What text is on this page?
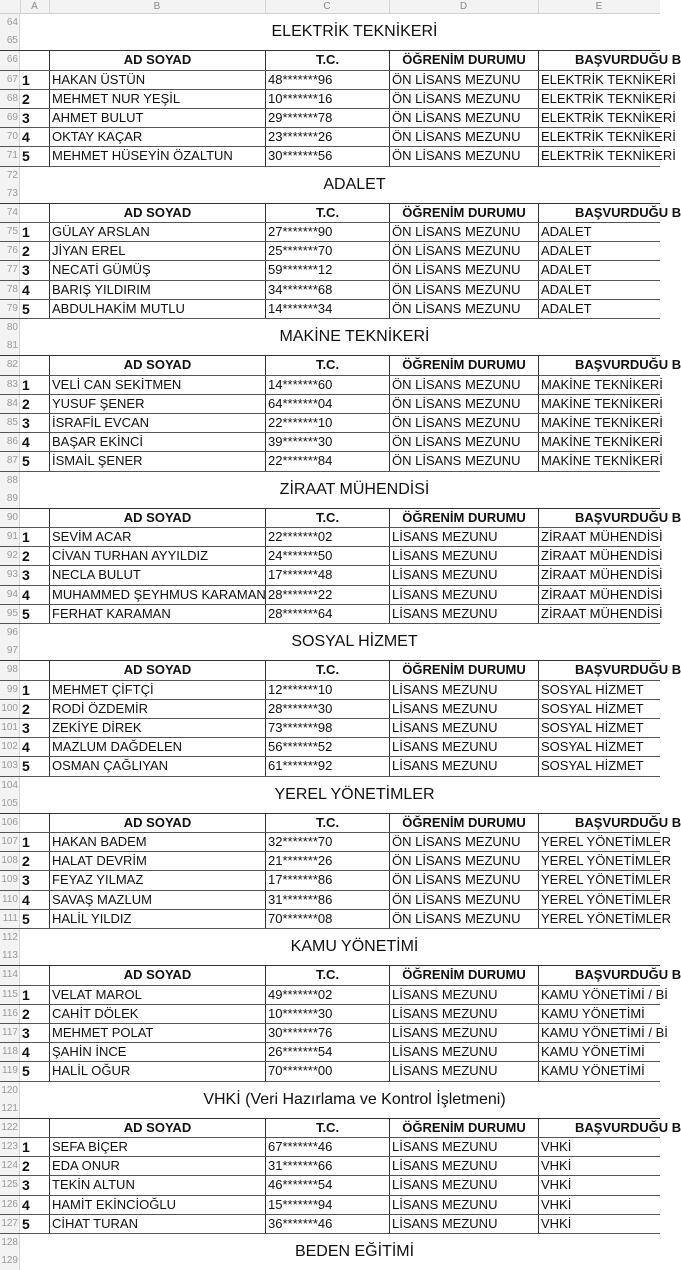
A	B	C	D	E
64
65
ELEKTRİK TEKNİKERİ
66	AD SOYAD	T.C.	ÖĞRENİM DURUMU	BAŞVURDUĞU B
67 1	HAKAN ÜSTÜN	48*******96	ÖN LİSANS MEZUNU	ELEKTRİK TEKNİKERİ
68 2	MEHMET NUR YEŞİL	10*******16	ÖN LİSANS MEZUNU	ELEKTRİK TEKNİKERİ
69 3	AHMET BULUT	29*******78	ÖN LİSANS MEZUNU	ELEKTRİK TEKNİKERİ
70 4	OKTAY KAÇAR	23*******26	ÖN LİSANS MEZUNU	ELEKTRİK TEKNİKERİ
71 5	MEHMET HÜSEYİN ÖZALTUN	30*******56	ÖN LİSANS MEZUNU	ELEKTRİK TEKNİKERİ
72
73
ADALET
74	AD SOYAD	T.C.	ÖĞRENİM DURUMU	BAŞVURDUĞU B
75 1	GÜLAY ARSLAN	27*******90	ÖN LİSANS MEZUNU	ADALET
76 2	JİYAN EREL	25*******70	ÖN LİSANS MEZUNU	ADALET
77 3	NECATİ GÜMÜŞ	59*******12	ÖN LİSANS MEZUNU	ADALET
78 4	BARIŞ YILDIRIM	34*******68	ÖN LİSANS MEZUNU	ADALET
79 5	ABDULHAKİM MUTLU	14*******34	ÖN LİSANS MEZUNU	ADALET
80
81
MAKİNE TEKNİKERİ
82	AD SOYAD	T.C.	ÖĞRENİM DURUMU	BAŞVURDUĞU B
83 1	VELİ CAN SEKİTMEN	14*******60	ÖN LİSANS MEZUNU	MAKİNE TEKNİKERİ
84 2	YUSUF ŞENER	64*******04	ÖN LİSANS MEZUNU	MAKİNE TEKNİKERİ
85 3	İSRAFİL EVCAN	22*******10	ÖN LİSANS MEZUNU	MAKİNE TEKNİKERİ
86 4	BAŞAR EKİNCİ	39*******30	ÖN LİSANS MEZUNU	MAKİNE TEKNİKERİ
87 5	İSMAİL ŞENER	22*******84	ÖN LİSANS MEZUNU	MAKİNE TEKNİKERİ
88
89
ZİRAAT MÜHENDİSİ
90	AD SOYAD	T.C.	ÖĞRENİM DURUMU	BAŞVURDUĞU B
91 1	SEVİM ACAR	22*******02	LİSANS MEZUNU	ZİRAAT MÜHENDİSİ
92 2	CİVAN TURHAN AYYILDIZ	24*******50	LİSANS MEZUNU	ZİRAAT MÜHENDİSİ
93 3	NECLA BULUT	17*******48	LİSANS MEZUNU	ZİRAAT MÜHENDİSİ
94 4	MUHAMMED ŞEYHMUS KARAMAN 28*******22	LİSANS MEZUNU	ZİRAAT MÜHENDİSİ
95 5	FERHAT KARAMAN	28*******64	LİSANS MEZUNU	ZİRAAT MÜHENDİSİ
96
97
SOSYAL HİZMET
98	AD SOYAD	T.C.	ÖĞRENİM DURUMU	BAŞVURDUĞU B
99 1	MEHMET ÇİFTÇİ	12*******10	LİSANS MEZUNU	SOSYAL HİZMET
100 2	RODİ ÖZDEMİR	28*******30	LİSANS MEZUNU	SOSYAL HİZMET
101 3	ZEKİYE DİREK	73*******98	LİSANS MEZUNU	SOSYAL HİZMET
102 4	MAZLUM DAĞDELEN	56*******52	LİSANS MEZUNU	SOSYAL HİZMET
103 5	OSMAN ÇAĞLIYAN	61*******92	LİSANS MEZUNU	SOSYAL HİZMET
104
105
YEREL YÖNETİMLER
106	AD SOYAD	T.C.	ÖĞRENİM DURUMU	BAŞVURDUĞU B
107 1	HAKAN BADEM	32*******70	ÖN LİSANS MEZUNU	YEREL YÖNETİMLER
108 2	HALAT DEVRİM	21*******26	ÖN LİSANS MEZUNU	YEREL YÖNETİMLER
109 3	FEYAZ YILMAZ	17*******86	ÖN LİSANS MEZUNU	YEREL YÖNETİMLER
110 4	SAVAŞ MAZLUM	31*******86	ÖN LİSANS MEZUNU	YEREL YÖNETİMLER
111 5	HALİL YILDIZ	70*******08	ÖN LİSANS MEZUNU	YEREL YÖNETİMLER
112
113
KAMU YÖNETİMİ
114	AD SOYAD	T.C.	ÖĞRENİM DURUMU	BAŞVURDUĞU B
115 1	VELAT MAROL	49*******02	LİSANS MEZUNU	KAMU YÖNETİMİ / Bİ
116 2	CAHİT DÖLEK	10*******30	LİSANS MEZUNU	KAMU YÖNETİMİ
117 3	MEHMET POLAT	30*******76	LİSANS MEZUNU	KAMU YÖNETİMİ / Bİ
118 4	ŞAHİN İNCE	26*******54	LİSANS MEZUNU	KAMU YÖNETİMİ
119 5	HALİL OĞUR	70*******00	LİSANS MEZUNU	KAMU YÖNETİMİ
120
121
VHKİ (Veri Hazırlama ve Kontrol İşletmeni)
122	AD SOYAD	T.C.	ÖĞRENİM DURUMU	BAŞVURDUĞU B
123 1	SEFA BİÇER	67*******46	LİSANS MEZUNU	VHKİ
124 2	EDA ONUR	31*******66	LİSANS MEZUNU	VHKİ
125 3	TEKİN ALTUN	46*******54	LİSANS MEZUNU	VHKİ
126 4	HAMİT EKİNCİOĞLU	15*******94	LİSANS MEZUNU	VHKİ
127 5	CİHAT TURAN	36*******46	LİSANS MEZUNU	VHKİ
128
129
BEDEN EĞİTİMİ
